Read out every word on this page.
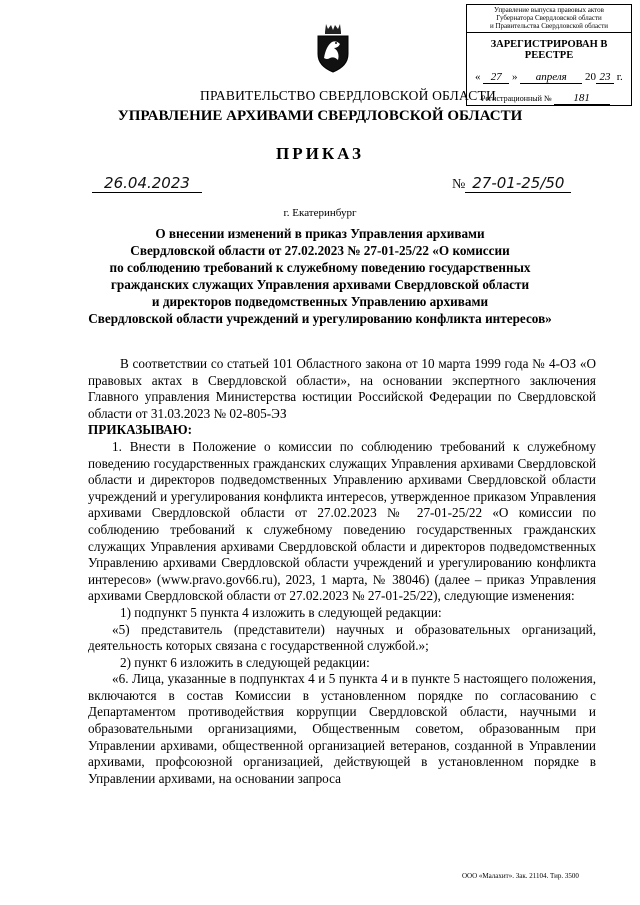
Управление выпуска правовых актов
Губернатора Свердловской области
и Правительства Свердловской области
ЗАРЕГИСТРИРОВАН В РЕЕСТРЕ
« 27 » апреля 20 23 г.
Регистрационный № 181
ПРАВИТЕЛЬСТВО СВЕРДЛОВСКОЙ ОБЛАСТИ
УПРАВЛЕНИЕ АРХИВАМИ СВЕРДЛОВСКОЙ ОБЛАСТИ
ПРИКАЗ
26.04.2023	№ 27-01-25/50
г. Екатеринбург
О внесении изменений в приказ Управления архивами
Свердловской области от 27.02.2023 № 27-01-25/22 «О комиссии
по соблюдению требований к служебному поведению государственных
гражданских служащих Управления архивами Свердловской области
и директоров подведомственных Управлению архивами
Свердловской области учреждений и урегулированию конфликта интересов»

В соответствии со статьей 101 Областного закона от 10 марта 1999 года № 4-ОЗ «О правовых актах в Свердловской области», на основании экспертного заключения Главного управления Министерства юстиции Российской Федерации по Свердловской области от 31.03.2023 № 02-805-ЭЗ

ПРИКАЗЫВАЮ:

1. Внести в Положение о комиссии по соблюдению требований к служебному поведению государственных гражданских служащих Управления архивами Свердловской области и директоров подведомственных Управлению архивами Свердловской области учреждений и урегулирования конфликта интересов, утвержденное приказом Управления архивами Свердловской области от 27.02.2023 № 27-01-25/22 «О комиссии по соблюдению требований к служебному поведению государственных гражданских служащих Управления архивами Свердловской области и директоров подведомственных Управлению архивами Свердловской области учреждений и урегулированию конфликта интересов» (www.pravo.gov66.ru), 2023, 1 марта, № 38046) (далее – приказ Управления архивами Свердловской области от 27.02.2023 № 27-01-25/22), следующие изменения:

1) подпункт 5 пункта 4 изложить в следующей редакции:

«5) представитель (представители) научных и образовательных организаций, деятельность которых связана с государственной службой.»;

2) пункт 6 изложить в следующей редакции:

«6. Лица, указанные в подпунктах 4 и 5 пункта 4 и в пункте 5 настоящего положения, включаются в состав Комиссии в установленном порядке по согласованию с Департаментом противодействия коррупции Свердловской области, научными и образовательными организациями, Общественным советом, образованным при Управлении архивами, общественной организацией ветеранов, созданной в Управлении архивами, профсоюзной организацией, действующей в установленном порядке в Управлении архивами, на основании запроса

ООО «Малахит». Зак. 21104. Тир. 3500
